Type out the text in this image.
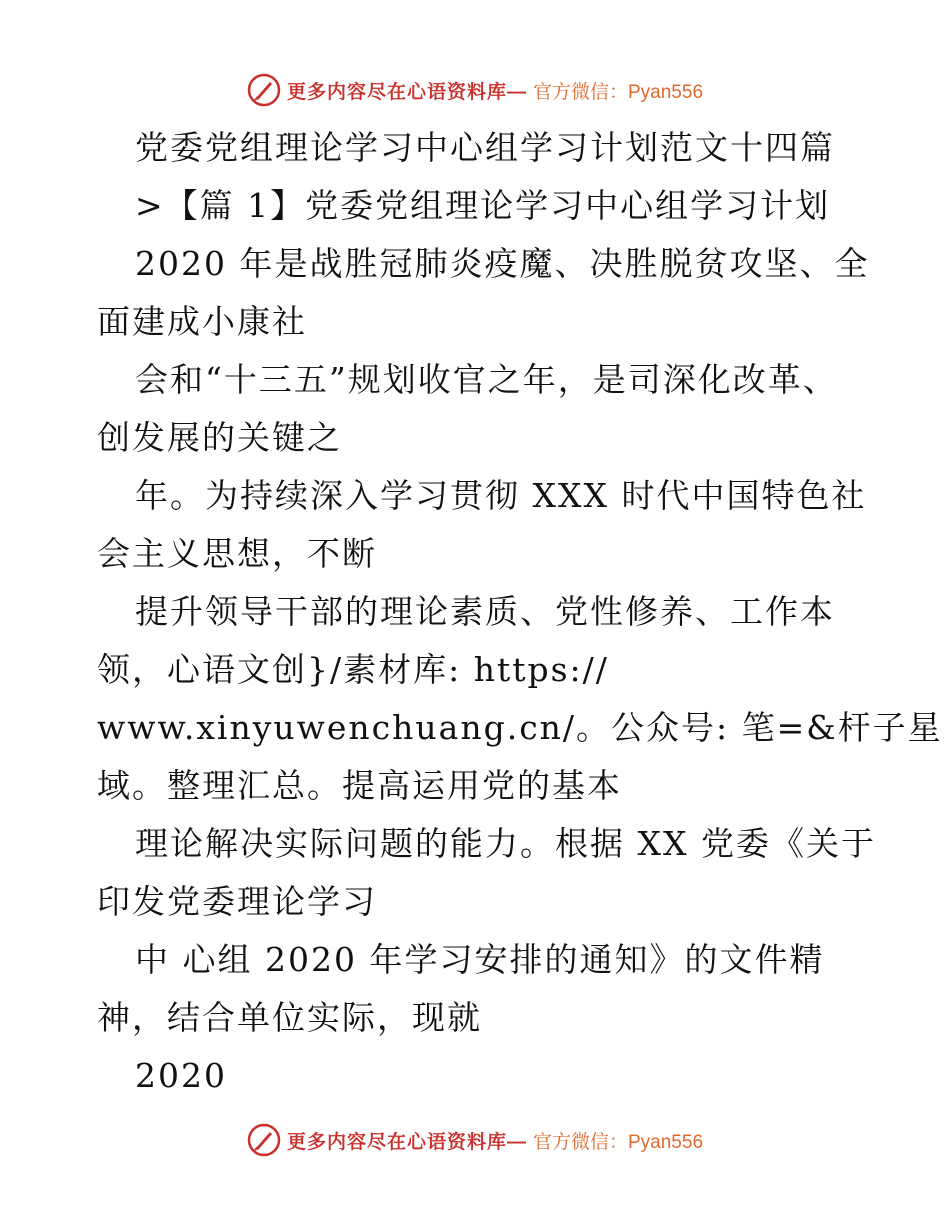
更多内容尽在心语资料库— 官方微信：Pyan556
党委党组理论学习中心组学习计划范文十四篇
>【篇 1】党委党组理论学习中心组学习计划
2020 年是战胜冠肺炎疫魔、决胜脱贫攻坚、全
面建成小康社
会和“十三五”规划收官之年，是司深化改革、
创发展的关键之
年。为持续深入学习贯彻 XXX 时代中国特色社
会主义思想，不断
提升领导干部的理论素质、党性修养、工作本
领，心语文创}/素材库: https://
www.xinyuwenchuang.cn/。公众号: 笔=&杆子星
域。整理汇总。提高运用党的基本
理论解决实际问题的能力。根据 XX 党委《关于
印发党委理论学习
中 心组 2020 年学习安排的通知》的文件精
神，结合单位实际，现就
2020
更多内容尽在心语资料库— 官方微信：Pyan556
